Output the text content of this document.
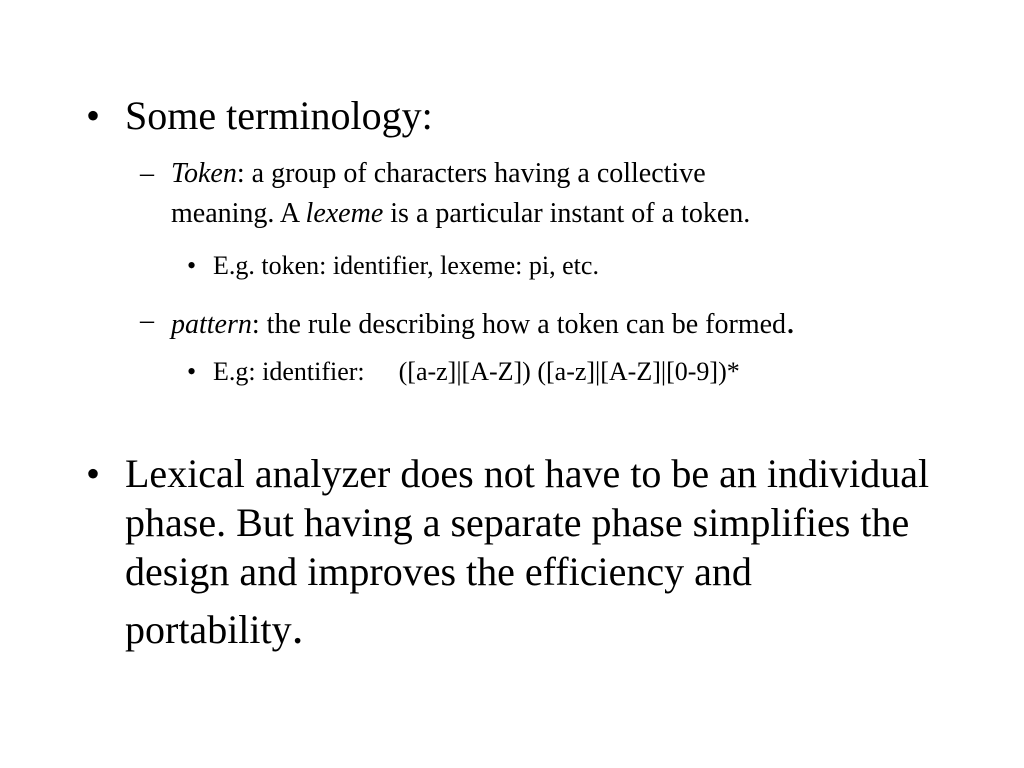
• Some terminology:
– Token: a group of characters having a collective
meaning. A lexeme is a particular instant of a token.
• E.g. token: identifier, lexeme: pi, etc.
– pattern: the rule describing how a token can be formed.
• E.g: identifier: ([a-z]|[A-Z]) ([a-z]|[A-Z]|[0-9])*
• Lexical analyzer does not have to be an individual
phase. But having a separate phase simplifies the
design and improves the efficiency and
portability.
